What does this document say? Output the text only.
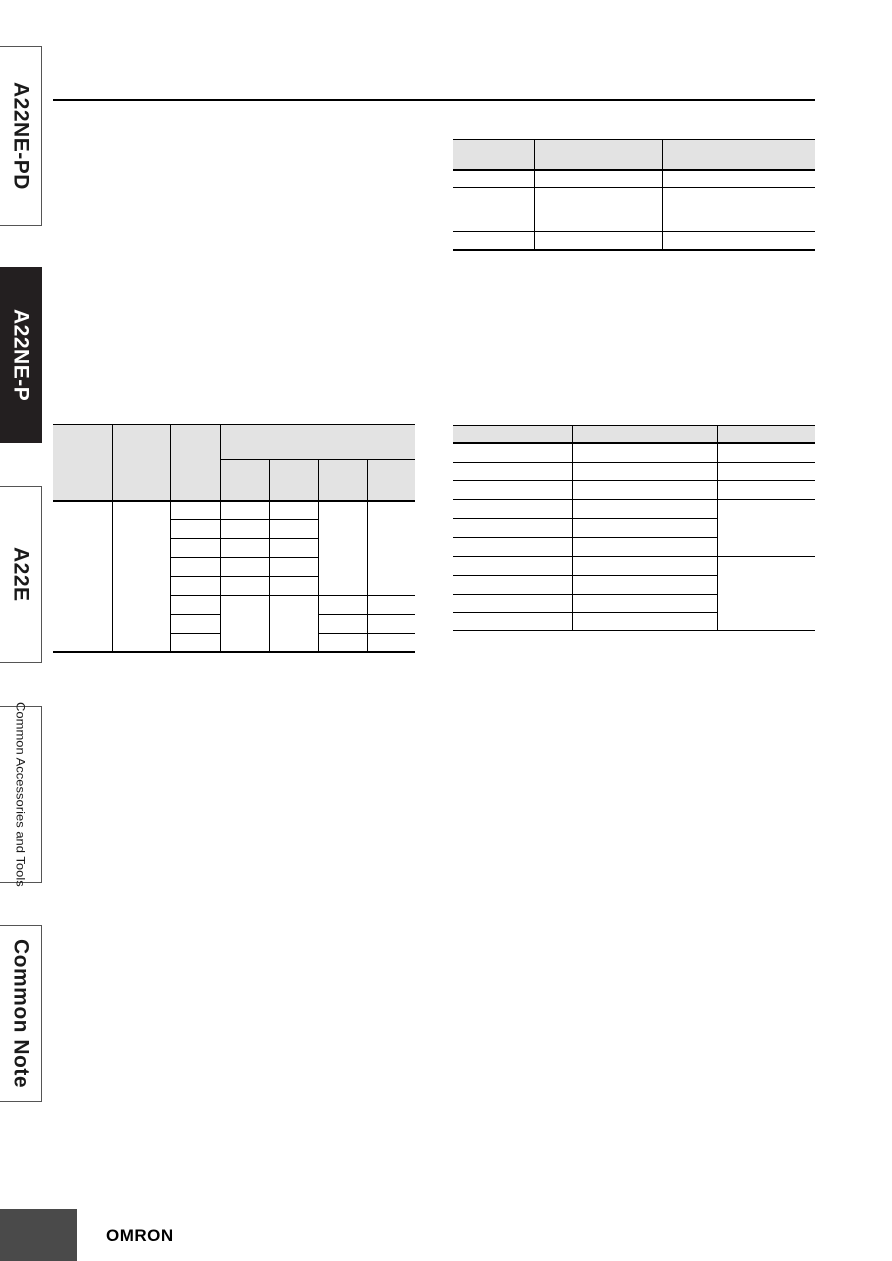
A22NE-PD
A22NE-P
A22E
Common Accessories and Tools
Common Note
OMRON
